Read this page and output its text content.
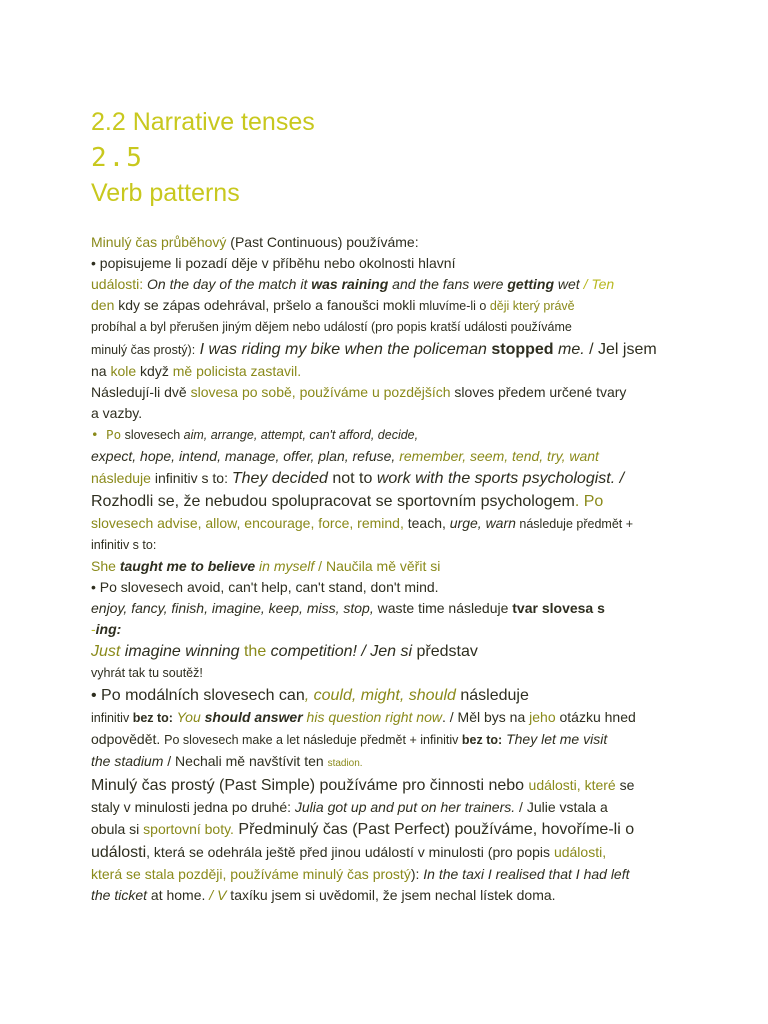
2.2 Narrative tenses
2.5
Verb patterns

Minulý čas průběhový (Past Continuous) používáme:

• popisujeme li pozadí děje v příběhu nebo okolnosti hlavní

události: On the day of the match it was raining and the fans were getting wet / Ten

den kdy se zápas odehrával, pršelo a fanoušci mokli mluvíme-li o ději který právě

probíhal a byl přerušen jiným dějem nebo událostí (pro popis kratší události používáme

minulý čas prostý): I was riding my bike when the policeman stopped me. / Jel jsem

na kole když mě policista zastavil.

Následují-li dvě slovesa po sobě, používáme u pozdějších sloves předem určené tvary

a vazby.

• Po slovesech aim, arrange, attempt, can't afford, decide,

expect, hope, intend, manage, offer, plan, refuse, remember, seem, tend, try, want

následuje infinitiv s to: They decided not to work with the sports psychologist. /

Rozhodli se, že nebudou spolupracovat se sportovním psychologem. Po

slovesech advise, allow, encourage, force, remind, teach, urge, warn následuje předmět +

infinitiv s to:

She taught me to believe in myself / Naučila mě věřit si

• Po slovesech avoid, can't help, can't stand, don't mind.

enjoy, fancy, finish, imagine, keep, miss, stop, waste time následuje tvar slovesa s

-ing:

Just imagine winning the competition! / Jen si představ

vyhrát tak tu soutěž!

• Po modálních slovesech can, could, might, should následuje

infinitiv bez to: You should answer his question right now. / Měl bys na jeho otázku hned

odpovědět. Po slovesech make a let následuje předmět + infinitiv bez to: They let me visit

the stadium / Nechali mě navštívit ten stadion.

Minulý čas prostý (Past Simple) používáme pro činnosti nebo události, které se

staly v minulosti jedna po druhé: Julia got up and put on her trainers. / Julie vstala a

obula si sportovní boty. Předminulý čas (Past Perfect) používáme, hovoříme-li o

události, která se odehrála ještě před jinou událostí v minulosti (pro popis události,

která se stala později, používáme minulý čas prostý): In the taxi I realised that I had left

the ticket at home. / V taxíku jsem si uvědomil, že jsem nechal lístek doma.
